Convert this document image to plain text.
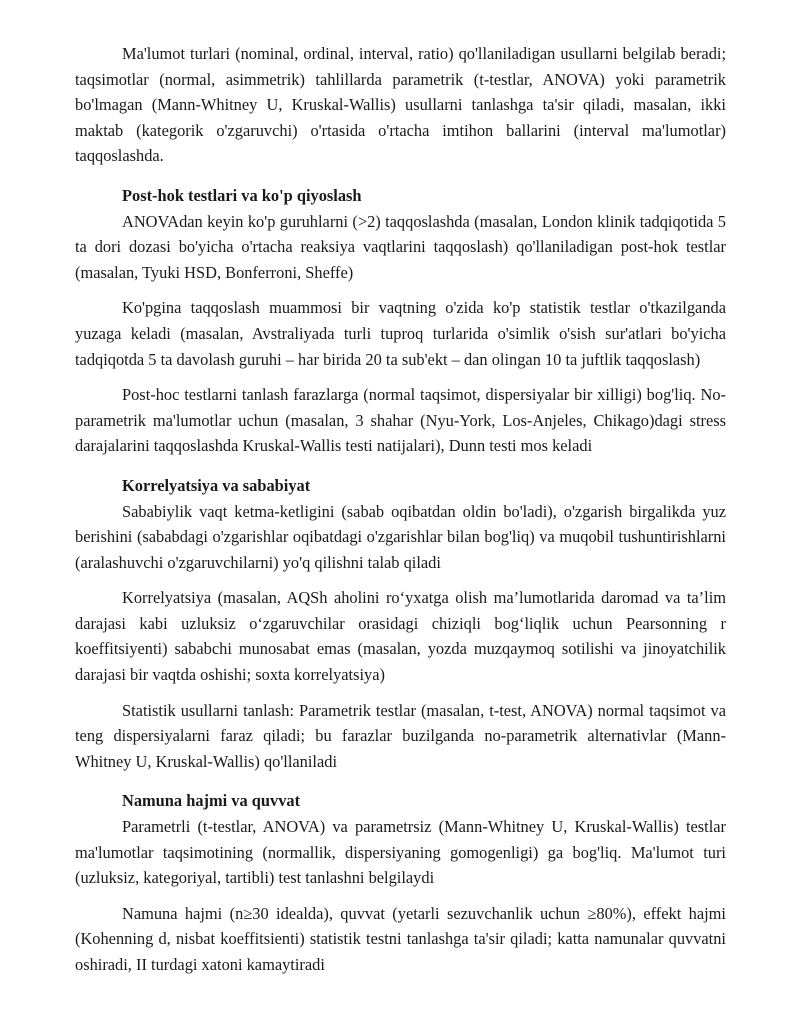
Ma'lumot turlari (nominal, ordinal, interval, ratio) qo'llaniladigan usullarni belgilab beradi; taqsimotlar (normal, asimmetrik) tahlillarda parametrik (t-testlar, ANOVA) yoki parametrik bo'lmagan (Mann-Whitney U, Kruskal-Wallis) usullarni tanlashga ta'sir qiladi, masalan, ikki maktab (kategorik o'zgaruvchi) o'rtasida o'rtacha imtihon ballarini (interval ma'lumotlar) taqqoslashda.

Post-hok testlari va ko'p qiyoslash

ANOVAdan keyin ko'p guruhlarni (>2) taqqoslashda (masalan, London klinik tadqiqotida 5 ta dori dozasi bo'yicha o'rtacha reaksiya vaqtlarini taqqoslash) qo'llaniladigan post-hok testlar (masalan, Tyuki HSD, Bonferroni, Sheffe)

Ko'pgina taqqoslash muammosi bir vaqtning o'zida ko'p statistik testlar o'tkazilganda yuzaga keladi (masalan, Avstraliyada turli tuproq turlarida o'simlik o'sish sur'atlari bo'yicha tadqiqotda 5 ta davolash guruhi – har birida 20 ta sub'ekt – dan olingan 10 ta juftlik taqqoslash)

Post-hoc testlarni tanlash farazlarga (normal taqsimot, dispersiyalar bir xilligi) bog'liq. No-parametrik ma'lumotlar uchun (masalan, 3 shahar (Nyu-York, Los-Anjeles, Chikago)dagi stress darajalarini taqqoslashda Kruskal-Wallis testi natijalari), Dunn testi mos keladi

Korrelyatsiya va sababiyat

Sababiylik vaqt ketma-ketligini (sabab oqibatdan oldin bo'ladi), o'zgarish birgalikda yuz berishini (sababdagi o'zgarishlar oqibatdagi o'zgarishlar bilan bog'liq) va muqobil tushuntirishlarni (aralashuvchi o'zgaruvchilarni) yo'q qilishni talab qiladi

Korrelyatsiya (masalan, AQSh aholini ro‘yxatga olish ma’lumotlarida daromad va ta’lim darajasi kabi uzluksiz o‘zgaruvchilar orasidagi chiziqli bog‘liqlik uchun Pearsonning r koeffitsiyenti) sababchi munosabat emas (masalan, yozda muzqaymoq sotilishi va jinoyatchilik darajasi bir vaqtda oshishi; soxta korrelyatsiya)

Statistik usullarni tanlash: Parametrik testlar (masalan, t-test, ANOVA) normal taqsimot va teng dispersiyalarni faraz qiladi; bu farazlar buzilganda no-parametrik alternativlar (Mann-Whitney U, Kruskal-Wallis) qo'llaniladi

Namuna hajmi va quvvat

Parametrli (t-testlar, ANOVA) va parametrsiz (Mann-Whitney U, Kruskal-Wallis) testlar ma'lumotlar taqsimotining (normallik, dispersiyaning gomogenligi) ga bog'liq. Ma'lumot turi (uzluksiz, kategoriyal, tartibli) test tanlashni belgilaydi

Namuna hajmi (n≥30 idealda), quvvat (yetarli sezuvchanlik uchun ≥80%), effekt hajmi (Kohenning d, nisbat koeffitsienti) statistik testni tanlashga ta'sir qiladi; katta namunalar quvvatni oshiradi, II turdagi xatoni kamaytiradi
